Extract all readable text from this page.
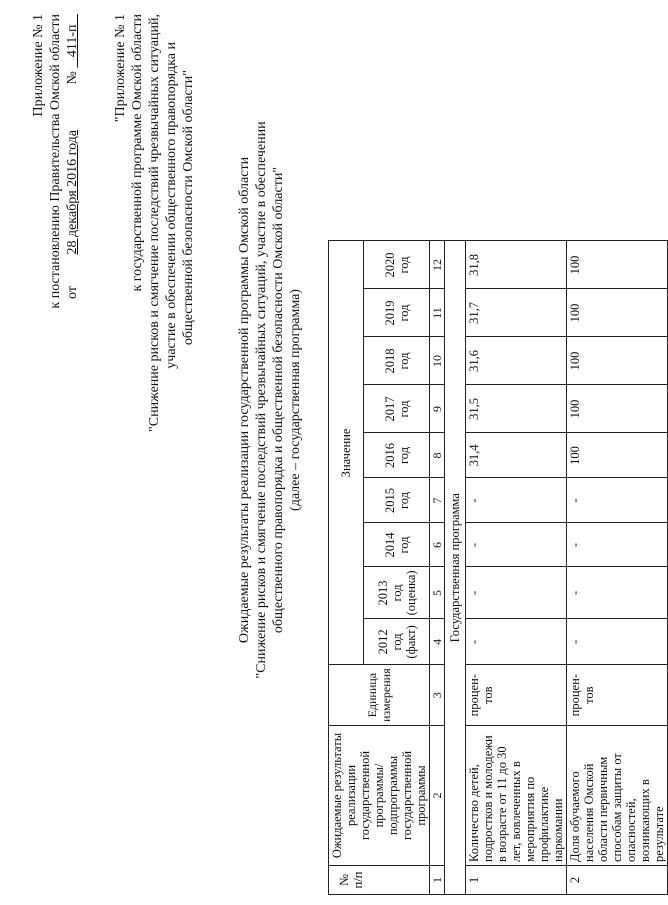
Приложение № 1 к постановлению Правительства Омской области от         28 декабря 2016 года             №    411-п "Приложение № 1 к государственной программе Омской области "Снижение рисков и смягчение последствий чрезвычайных ситуаций, участие в обеспечении общественного правопорядка и общественной безопасности Омской области"	Ожидаемые результаты реализации государственной программы Омской области "Снижение рисков и смягчение последствий чрезвычайных ситуаций, участие в обеспечении общественного правопорядка и общественной безопасности Омской области" (далее – государственная программа)

№ п/п	Ожидаемые результаты реализации государственной программы/подпрограммы государственной программы	Единица измерения	Значение								
			2012 год (факт)	2013 год (оценка)	2014 год	2015 год	2016 год	2017 год	2018 год	2019 год	2020 год
1	2	3	4	5	6	7	8	9	10	11	12
Государственная программа											
1	Количество детей, подростков и молодежи в возрасте от 11 до 30 лет, вовлеченных в мероприятия по профилактике наркомании	процен-тов	-	-	-	-	31,4	31,5	31,6	31,7	31,8
2	Доля обучаемого населения Омской области первичным способам защиты от опасностей, возникающих в результате	процен-тов	-	-	-	-	100	100	100	100	100
